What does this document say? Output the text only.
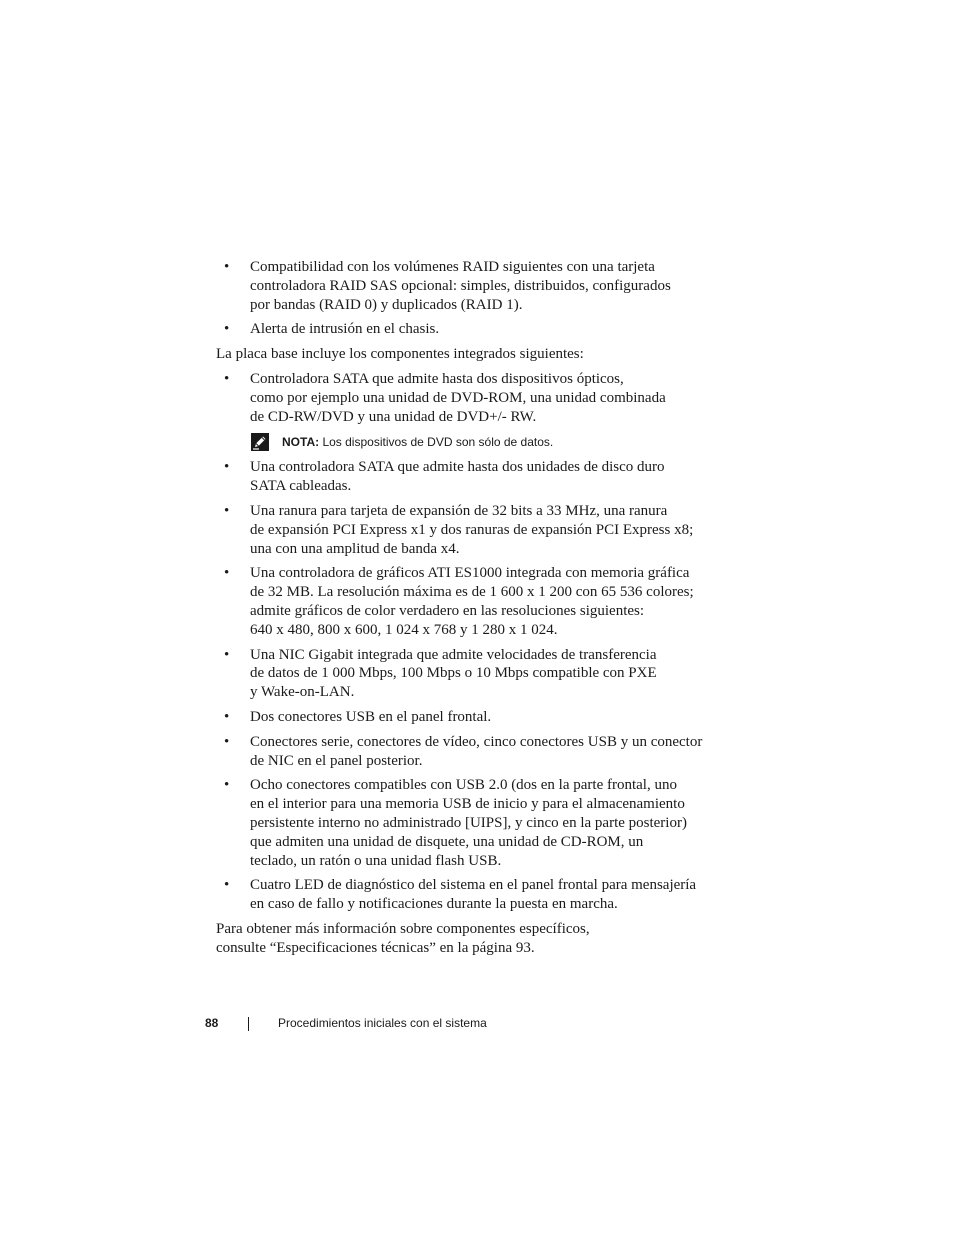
• Compatibilidad con los volúmenes RAID siguientes con una tarjeta
controladora RAID SAS opcional: simples, distribuidos, configurados
por bandas (RAID 0) y duplicados (RAID 1).
• Alerta de intrusión en el chasis.

La placa base incluye los componentes integrados siguientes:

• Controladora SATA que admite hasta dos dispositivos ópticos,
como por ejemplo una unidad de DVD-ROM, una unidad combinada
de CD-RW/DVD y una unidad de DVD+/- RW.
NOTA: Los dispositivos de DVD son sólo de datos.
• Una controladora SATA que admite hasta dos unidades de disco duro
SATA cableadas.
• Una ranura para tarjeta de expansión de 32 bits a 33 MHz, una ranura
de expansión PCI Express x1 y dos ranuras de expansión PCI Express x8;
una con una amplitud de banda x4.
• Una controladora de gráficos ATI ES1000 integrada con memoria gráfica
de 32 MB. La resolución máxima es de 1 600 x 1 200 con 65 536 colores;
admite gráficos de color verdadero en las resoluciones siguientes:
640 x 480, 800 x 600, 1 024 x 768 y 1 280 x 1 024.
• Una NIC Gigabit integrada que admite velocidades de transferencia
de datos de 1 000 Mbps, 100 Mbps o 10 Mbps compatible con PXE
y Wake-on-LAN.
• Dos conectores USB en el panel frontal.
• Conectores serie, conectores de vídeo, cinco conectores USB y un conector
de NIC en el panel posterior.
• Ocho conectores compatibles con USB 2.0 (dos en la parte frontal, uno
en el interior para una memoria USB de inicio y para el almacenamiento
persistente interno no administrado [UIPS], y cinco en la parte posterior)
que admiten una unidad de disquete, una unidad de CD-ROM, un
teclado, un ratón o una unidad flash USB.
• Cuatro LED de diagnóstico del sistema en el panel frontal para mensajería
en caso de fallo y notificaciones durante la puesta en marcha.

Para obtener más información sobre componentes específicos,
consulte “Especificaciones técnicas” en la página 93.

88	Procedimientos iniciales con el sistema
